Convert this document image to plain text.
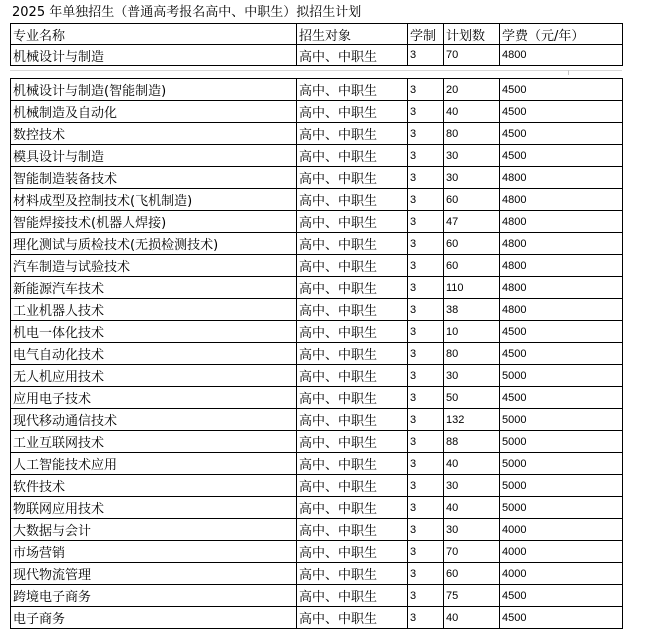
2025 年单独招生（普通高考报名高中、中职生）拟招生计划
专业名称	招生对象	学制	计划数	学费（元/年）
机械设计与制造	高中、中职生	3	70	4800
机械设计与制造(智能制造)	高中、中职生	3	20	4500
机械制造及自动化	高中、中职生	3	40	4500
数控技术	高中、中职生	3	80	4500
模具设计与制造	高中、中职生	3	30	4500
智能制造装备技术	高中、中职生	3	30	4800
材料成型及控制技术(飞机制造)	高中、中职生	3	60	4800
智能焊接技术(机器人焊接)	高中、中职生	3	47	4800
理化测试与质检技术(无损检测技术)	高中、中职生	3	60	4800
汽车制造与试验技术	高中、中职生	3	60	4800
新能源汽车技术	高中、中职生	3	110	4800
工业机器人技术	高中、中职生	3	38	4800
机电一体化技术	高中、中职生	3	10	4500
电气自动化技术	高中、中职生	3	80	4500
无人机应用技术	高中、中职生	3	30	5000
应用电子技术	高中、中职生	3	50	4500
现代移动通信技术	高中、中职生	3	132	5000
工业互联网技术	高中、中职生	3	88	5000
人工智能技术应用	高中、中职生	3	40	5000
软件技术	高中、中职生	3	30	5000
物联网应用技术	高中、中职生	3	40	5000
大数据与会计	高中、中职生	3	30	4000
市场营销	高中、中职生	3	70	4000
现代物流管理	高中、中职生	3	60	4000
跨境电子商务	高中、中职生	3	75	4500
电子商务	高中、中职生	3	40	4500
